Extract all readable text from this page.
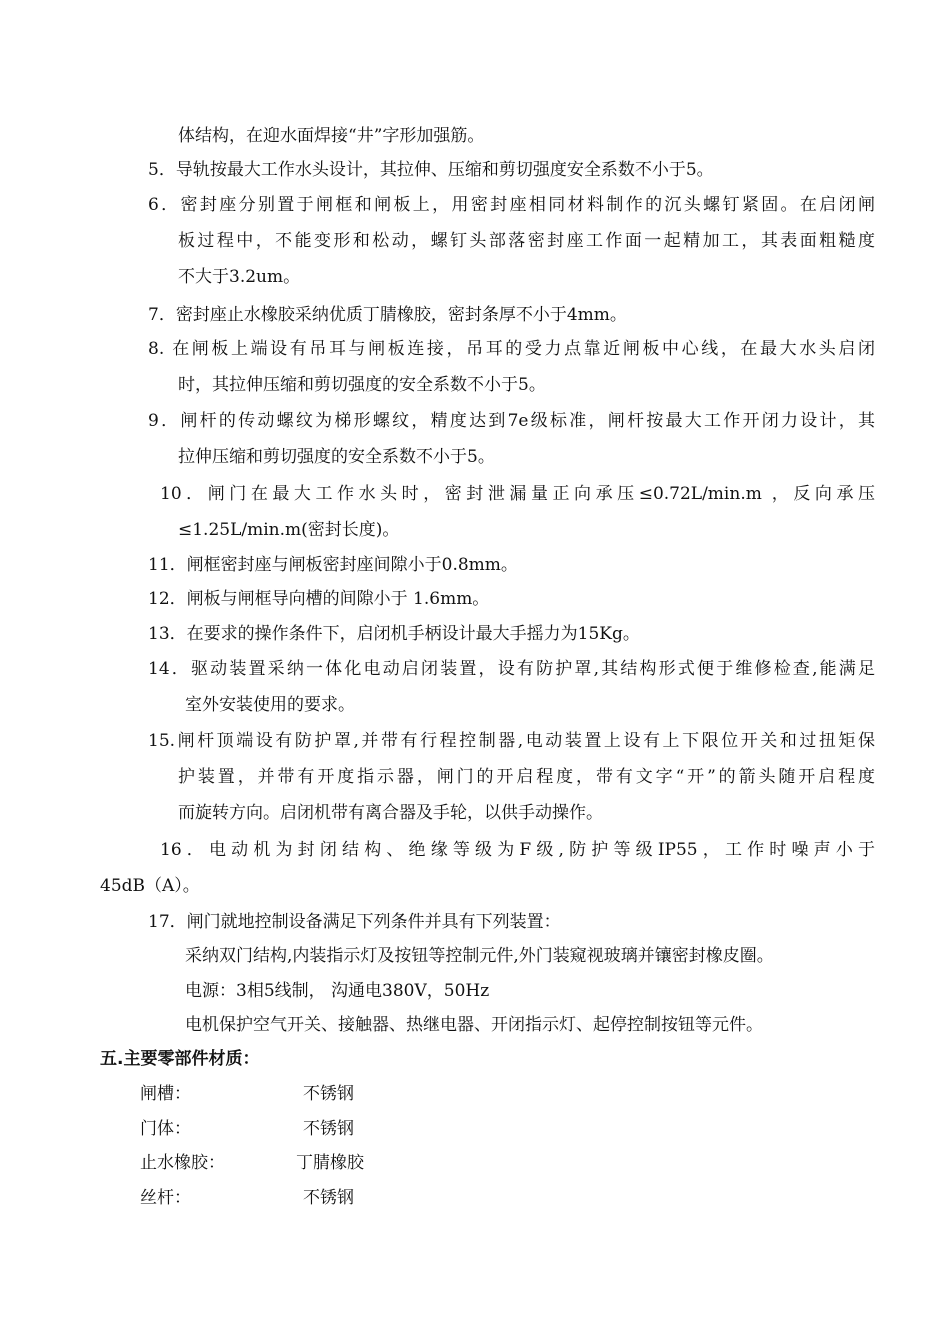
体结构，在迎水面焊接“井”字形加强筋。
5．导轨按最大工作水头设计，其拉伸、压缩和剪切强度安全系数不小于5。
6．密封座分别置于闸框和闸板上，用密封座相同材料制作的沉头螺钉紧固。在启闭闸
板过程中，不能变形和松动，螺钉头部落密封座工作面一起精加工，其表面粗糙度
不大于3.2um。
7．密封座止水橡胶采纳优质丁腈橡胶，密封条厚不小于4mm。
8. 在闸板上端设有吊耳与闸板连接，吊耳的受力点靠近闸板中心线，在最大水头启闭
时，其拉伸压缩和剪切强度的安全系数不小于5。
9．闸杆的传动螺纹为梯形螺纹，精度达到7e级标准，闸杆按最大工作开闭力设计，其
拉伸压缩和剪切强度的安全系数不小于5。
10．闸门在最大工作水头时，密封泄漏量正向承压≤0.72L/min.m ，反向承压
≤1.25L/min.m(密封长度)。
11．闸框密封座与闸板密封座间隙小于0.8mm。
12．闸板与闸框导向槽的间隙小于 1.6mm。
13．在要求的操作条件下，启闭机手柄设计最大手摇力为15Kg。
14．驱动装置采纳一体化电动启闭装置，设有防护罩,其结构形式便于维修检查,能满足
室外安装使用的要求。
15.闸杆顶端设有防护罩,并带有行程控制器,电动装置上设有上下限位开关和过扭矩保
护装置，并带有开度指示器，闸门的开启程度，带有文字“开”的箭头随开启程度
而旋转方向。启闭机带有离合器及手轮，以供手动操作。
16．电动机为封闭结构、绝缘等级为F级,防护等级IP55，工作时噪声小于
45dB（A）。
17．闸门就地控制设备满足下列条件并具有下列装置：
采纳双门结构,内装指示灯及按钮等控制元件,外门装窥视玻璃并镶密封橡皮圈。
电源：3相5线制， 沟通电380V，50Hz
电机保护空气开关、接触器、热继电器、开闭指示灯、起停控制按钮等元件。
五.主要零部件材质：
闸槽：	不锈钢
门体：	不锈钢
止水橡胶：	丁腈橡胶
丝杆：	不锈钢
